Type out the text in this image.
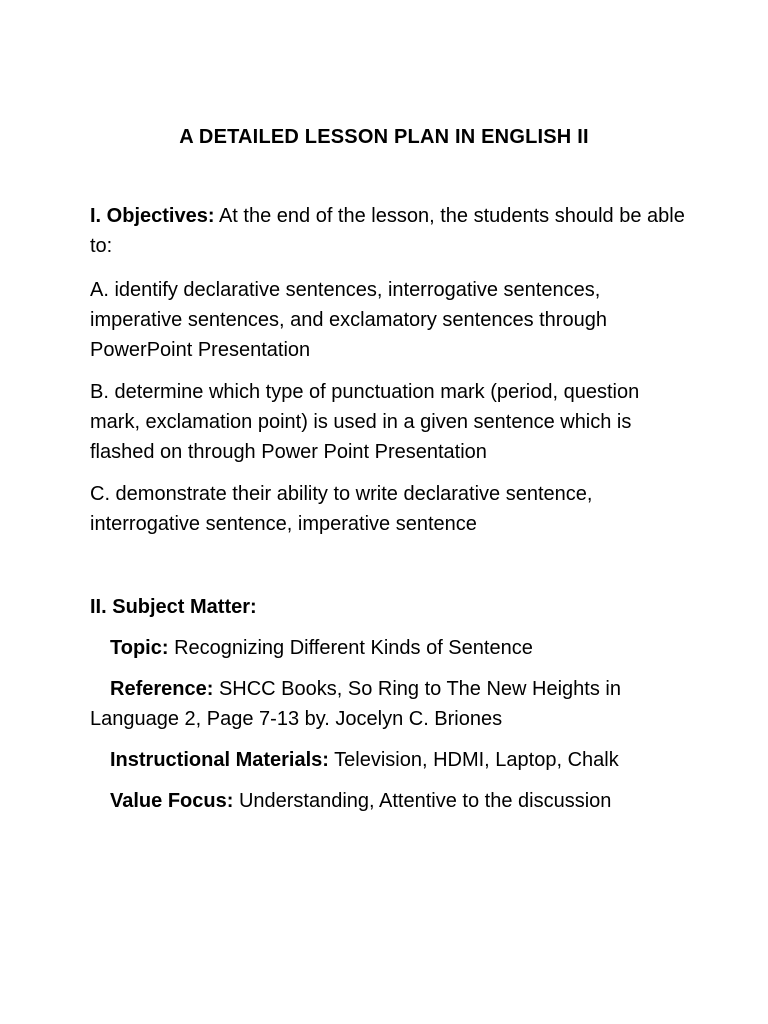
A DETAILED LESSON PLAN IN ENGLISH II
I. Objectives: At the end of the lesson, the students should be able to:
A. identify declarative sentences, interrogative sentences, imperative sentences, and exclamatory sentences through PowerPoint Presentation
B. determine which type of punctuation mark (period, question mark, exclamation point) is used in a given sentence which is flashed on through Power Point Presentation
C. demonstrate their ability to write declarative sentence, interrogative sentence, imperative sentence
II. Subject Matter:
Topic: Recognizing Different Kinds of Sentence
Reference: SHCC Books, So Ring to The New Heights in Language 2, Page 7-13 by. Jocelyn C. Briones
Instructional Materials: Television, HDMI, Laptop, Chalk
Value Focus: Understanding, Attentive to the discussion
